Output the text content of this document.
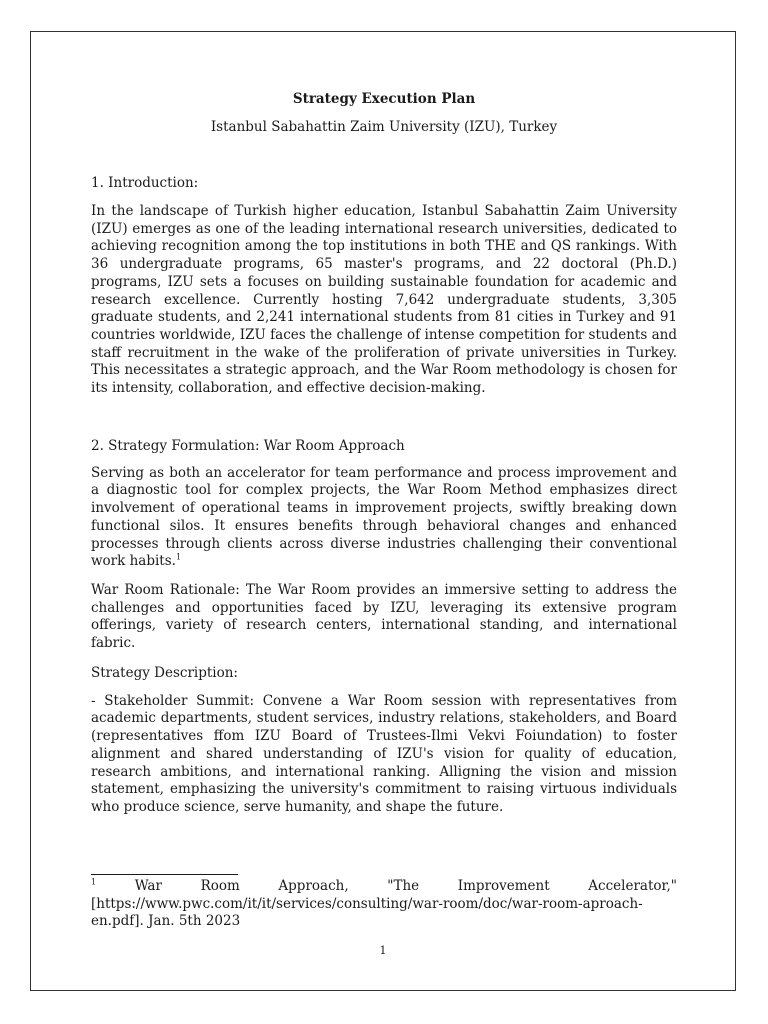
Strategy Execution Plan

Istanbul Sabahattin Zaim University (IZU), Turkey

1. Introduction:

In the landscape of Turkish higher education, Istanbul Sabahattin Zaim University (IZU) emerges as one of the leading international research universities, dedicated to achieving recognition among the top institutions in both THE and QS rankings. With 36 undergraduate programs, 65 master's programs, and 22 doctoral (Ph.D.) programs, IZU sets a focuses on building sustainable foundation for academic and research excellence. Currently hosting 7,642 undergraduate students, 3,305 graduate students, and 2,241 international students from 81 cities in Turkey and 91 countries worldwide, IZU faces the challenge of intense competition for students and staff recruitment in the wake of the proliferation of private universities in Turkey. This necessitates a strategic approach, and the War Room methodology is chosen for its intensity, collaboration, and effective decision-making.

2. Strategy Formulation: War Room Approach

Serving as both an accelerator for team performance and process improvement and a diagnostic tool for complex projects, the War Room Method emphasizes direct involvement of operational teams in improvement projects, swiftly breaking down functional silos. It ensures benefits through behavioral changes and enhanced processes through clients across diverse industries challenging their conventional work habits.$^1$

War Room Rationale: The War Room provides an immersive setting to address the challenges and opportunities faced by IZU, leveraging its extensive program offerings, variety of research centers, international standing, and international fabric.

Strategy Description:

- Stakeholder Summit: Convene a War Room session with representatives from academic departments, student services, industry relations, stakeholders, and Board (representatives ffom IZU Board of Trustees-Ilmi Vekvi Foiundation) to foster alignment and shared understanding of IZU's vision for quality of education, research ambitions, and international ranking. Alligning the vision and mission statement, emphasizing the university's commitment to raising virtuous individuals who produce science, serve humanity, and shape the future.

$^1$ War Room Approach, "The Improvement Accelerator," [https://www.pwc.com/it/it/services/consulting/war-room/doc/war-room-aproach-en.pdf]. Jan. 5th 2023

1
